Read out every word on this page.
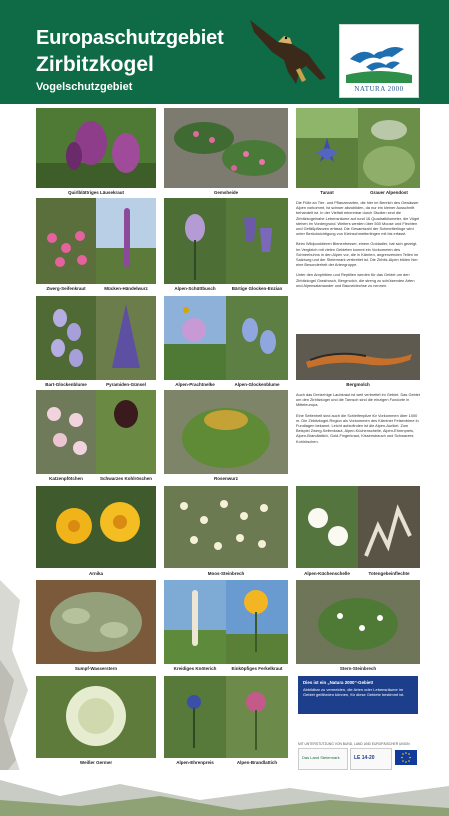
Europaschutzgebiet
Zirbitzkogel
Vogelschutzgebiet	NATURA 2000
Quirlblättriges Läusekraut	Gemsheide	Tarant	Grauer Alpendost
Zwerg-Seifenkraut	Mücken-Händelwurz	Alpen-Schüttbusch	Bärtige Glocken-Enzian
Bart-Glockenblume	Pyramiden-Günsel	Alpen-Prachtnelke	Alpen-Glockenblume	Bergmolch
Katzenpfötchen	Schwarzes Kohlröschen	Rosenwurz
Arnika	Moos-Steinbrech	Alpen-Küchenschelle	Totengebeinflechte
Sumpf-Wasserstern	Kreidiges Knöterich	Einköpfiges Ferkelkraut	Stern-Steinbrech
Weißer Germer	Alpen-Ehrenpreis	Alpen-Brandlattich

Die Fülle an Tier- und Pflanzenarten, die hier im Bereich des Gewässer Alpen vorkommt, ist schwer abzubilden, da nur ein kleiner Ausschnitt behandelt ist. In der Vielfalt erkennbar durch Studien sind die Zirbitzkogelnahe Lebensräume auf rund 16 Quadratkilometer, die Vögel stehen im Vordergrund. Weiters werden über 500 Moose und Flechten und Gefäßpflanzen erfasst. Die Gesamtzahl der Schmetterlinge wird unter Berücksichtigung von Kleinschmetterlingen mit bis erfasst.

Beim Wildpunktieren Bienenfresser, einem Goldadler, hat sich gezeigt. Im Vergleich mit vielen Gebieten kommt ein Vorkommen des Schneehuhns in den Alpen vor, die in Kärnten, angrenzenden Teilen im Salzburg und der Steiermark verbreitet ist. Die Zirbitz-Alpen bilden hier eine Besonderheit der Artengruppe.

Unter den Amphibien und Reptilien werden für das Gebiet um den Zirbitzkogel Grasfrosch, Bergmolch, die streng zu schützenden Arten und Alpensalamander und Bauneidechse zu nennen.

Auch das Dreizehige Laubkraut ist weit verbreitet im Gebiet. Das Gebiet um den Zirbitzkogel und die Tarnsch sind die einzigen Fundorte in Mitteleuropa.

Eine Seltenheit sind auch die Schleifenpilze für Vorkommen über 1000 m. Die Zirbitzkogel-Region als Vorkommen des Kärntner Felsenbirne in Fundlagen bekannt. Leicht aufzufinden ist die Alpen-Aurikel. Zum Beispiel Zwerg-Seifenkraut, Alpen-Küchenschelle, Alpen-Ehrenpreis, Alpen-Brandlattich, Gold-Fingerkraut, Kissenstrauch und Schwarzes Kohlröschen.

Dies ist ein „Natura 2000“-Gebiet!
Abbildbar zu vermeiden, die Arten oder Lebensräume im Gebiet gefährden können, für diese Gebiete bestimmt ist.
MIT UNTERSTÜTZUNG VON BUND, LAND UND EUROPÄISCHER UNION
Das Land Steiermark	LE 14-20
